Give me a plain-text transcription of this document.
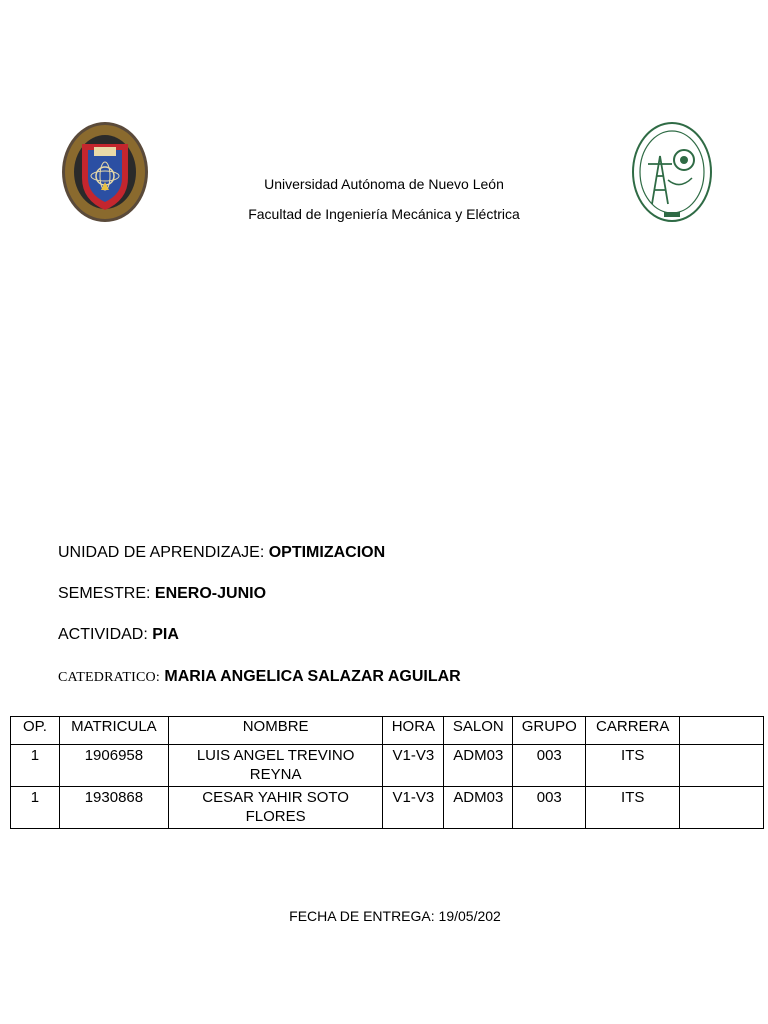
Universidad Autónoma de Nuevo León
Facultad de Ingeniería Mecánica y Eléctrica
UNIDAD DE APRENDIZAJE: OPTIMIZACION
SEMESTRE: ENERO-JUNIO
ACTIVIDAD: PIA
CATEDRATICO: MARIA ANGELICA SALAZAR AGUILAR
OP.	MATRICULA	NOMBRE	HORA	SALON	GRUPO	CARRERA	
1	1906958	LUIS ANGEL TREVINO REYNA	V1-V3	ADM03	003	ITS	
1	1930868	CESAR YAHIR SOTO FLORES	V1-V3	ADM03	003	ITS	
FECHA DE ENTREGA: 19/05/202
